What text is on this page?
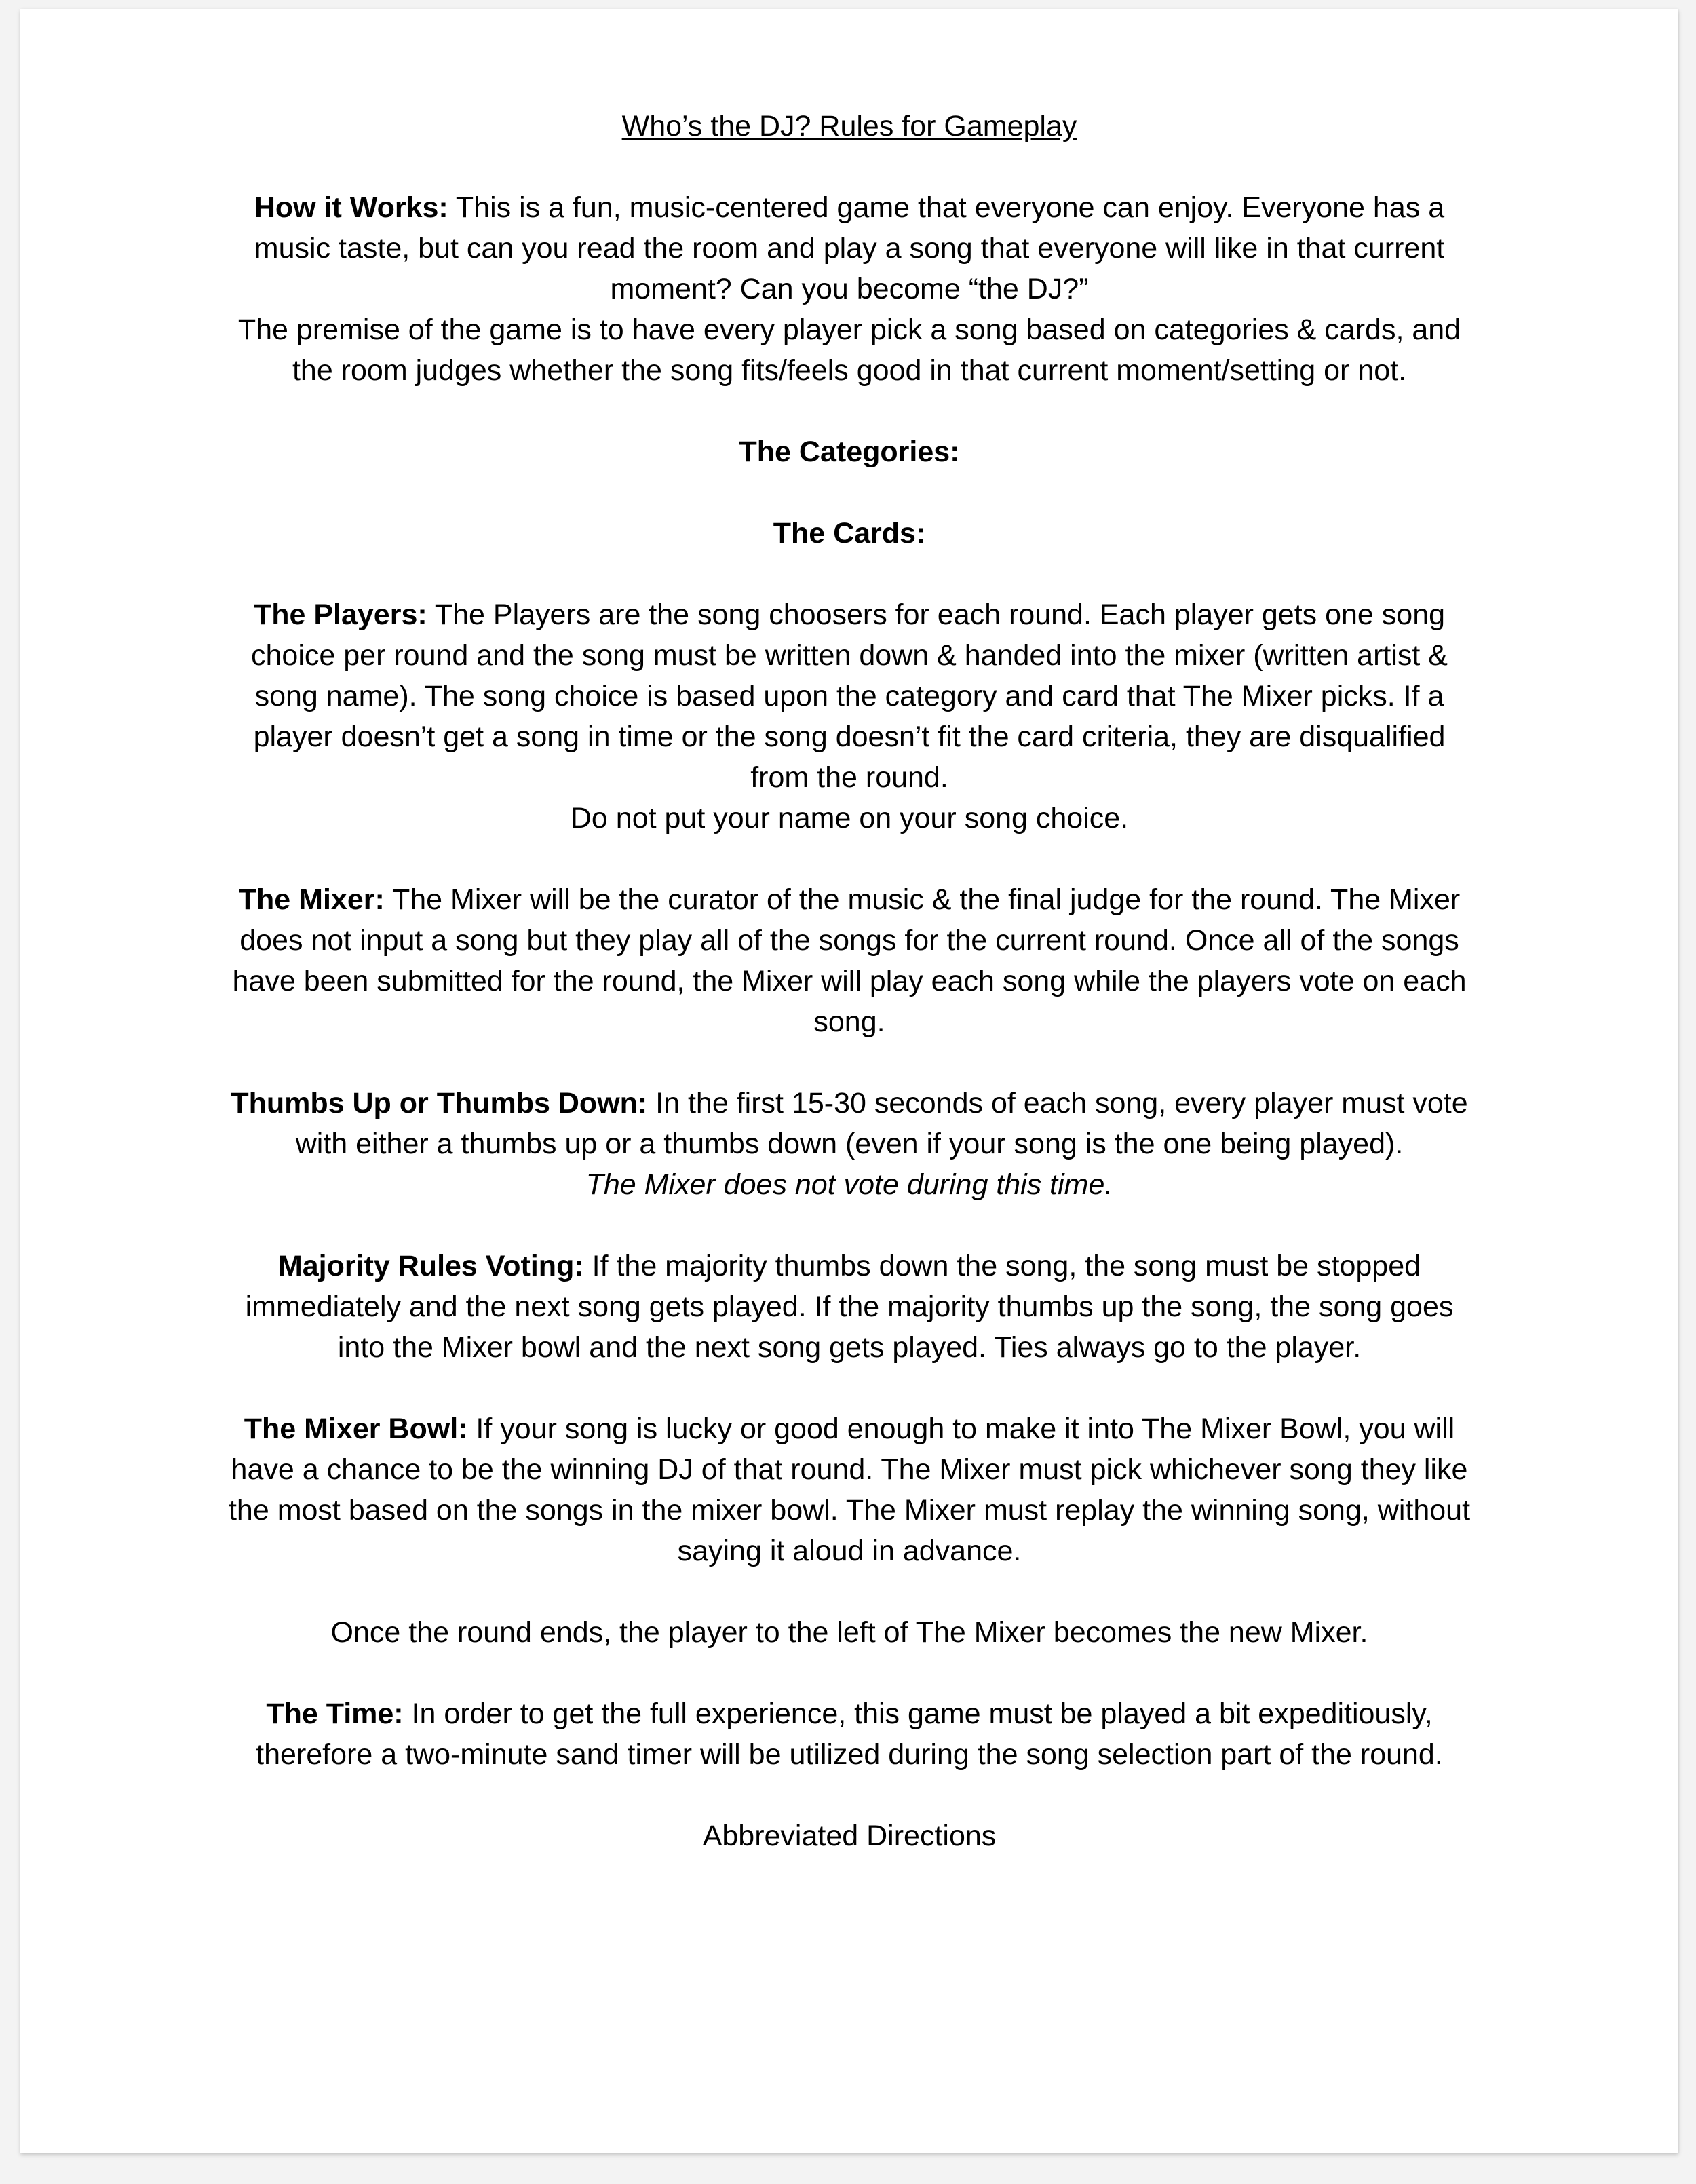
Who’s the DJ? Rules for Gameplay

How it Works: This is a fun, music-centered game that everyone can enjoy. Everyone has a music taste, but can you read the room and play a song that everyone will like in that current moment? Can you become “the DJ?”

The premise of the game is to have every player pick a song based on categories & cards, and the room judges whether the song fits/feels good in that current moment/setting or not.

The Categories:

The Cards:

The Players: The Players are the song choosers for each round. Each player gets one song choice per round and the song must be written down & handed into the mixer (written artist & song name). The song choice is based upon the category and card that The Mixer picks. If a player doesn’t get a song in time or the song doesn’t fit the card criteria, they are disqualified from the round.

Do not put your name on your song choice.

The Mixer: The Mixer will be the curator of the music & the final judge for the round. The Mixer does not input a song but they play all of the songs for the current round. Once all of the songs have been submitted for the round, the Mixer will play each song while the players vote on each song.

Thumbs Up or Thumbs Down: In the first 15-30 seconds of each song, every player must vote with either a thumbs up or a thumbs down (even if your song is the one being played).

The Mixer does not vote during this time.

Majority Rules Voting: If the majority thumbs down the song, the song must be stopped immediately and the next song gets played. If the majority thumbs up the song, the song goes into the Mixer bowl and the next song gets played. Ties always go to the player.

The Mixer Bowl: If your song is lucky or good enough to make it into The Mixer Bowl, you will have a chance to be the winning DJ of that round. The Mixer must pick whichever song they like the most based on the songs in the mixer bowl. The Mixer must replay the winning song, without saying it aloud in advance.

Once the round ends, the player to the left of The Mixer becomes the new Mixer.

The Time: In order to get the full experience, this game must be played a bit expeditiously, therefore a two-minute sand timer will be utilized during the song selection part of the round.

Abbreviated Directions
